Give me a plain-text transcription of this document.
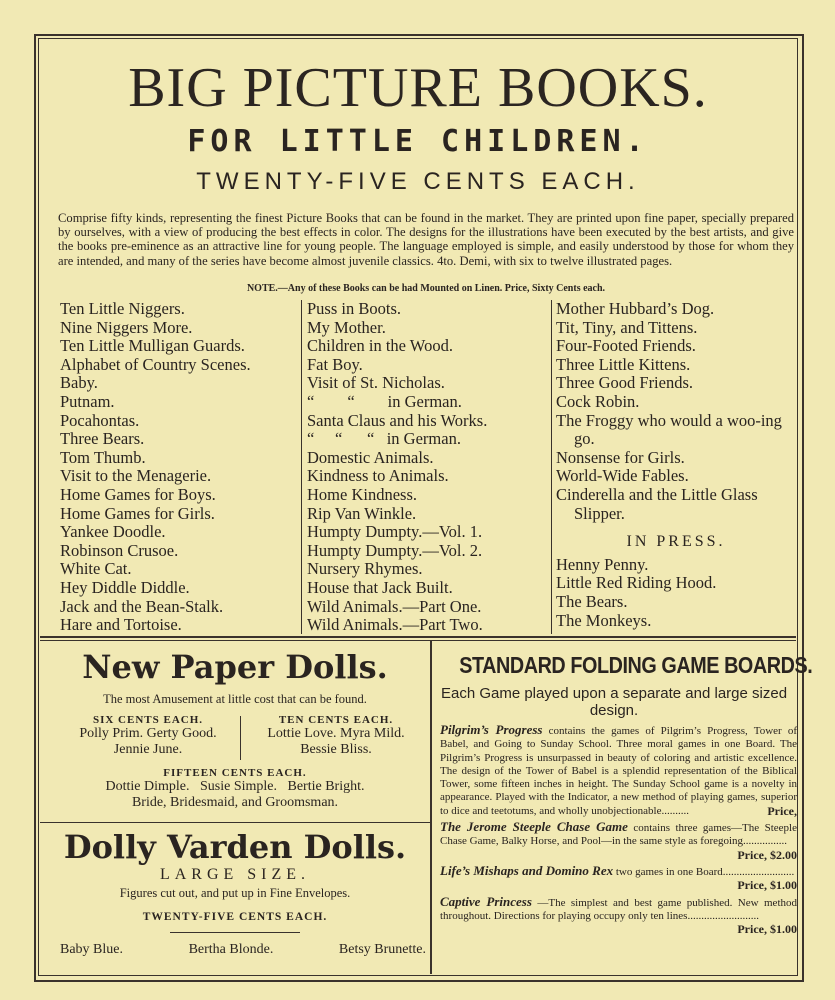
BIG PICTURE BOOKS.
FOR LITTLE CHILDREN.
TWENTY-FIVE CENTS EACH.
Comprise fifty kinds, representing the finest Picture Books that can be found in the market. They are printed upon fine paper, specially prepared by ourselves, with a view of producing the best effects in color. The designs for the illustrations have been executed by the best artists, and give the books pre-eminence as an attractive line for young people. The language employed is simple, and easily understood by those for whom they are intended, and many of the series have become almost juvenile classics. 4to. Demi, with six to twelve illustrated pages.
NOTE.—Any of these Books can be had Mounted on Linen. Price, Sixty Cents each.
Ten Little Niggers.
Nine Niggers More.
Ten Little Mulligan Guards.
Alphabet of Country Scenes.
Baby.
Putnam.
Pocahontas.
Three Bears.
Tom Thumb.
Visit to the Menagerie.
Home Games for Boys.
Home Games for Girls.
Yankee Doodle.
Robinson Crusoe.
White Cat.
Hey Diddle Diddle.
Jack and the Bean-Stalk.
Hare and Tortoise.
Puss in Boots.
My Mother.
Children in the Wood.
Fat Boy.
Visit of St. Nicholas.
“        “        in German.
Santa Claus and his Works.
“     “      “   in German.
Domestic Animals.
Kindness to Animals.
Home Kindness.
Rip Van Winkle.
Humpty Dumpty.—Vol. 1.
Humpty Dumpty.—Vol. 2.
Nursery Rhymes.
House that Jack Built.
Wild Animals.—Part One.
Wild Animals.—Part Two.
Mother Hubbard’s Dog.
Tit, Tiny, and Tittens.
Four-Footed Friends.
Three Little Kittens.
Three Good Friends.
Cock Robin.
The Froggy who would a woo-ing go.
Nonsense for Girls.
World-Wide Fables.
Cinderella and the Little Glass Slipper.
IN PRESS.
Henny Penny.
Little Red Riding Hood.
The Bears.
The Monkeys.
New Paper Dolls.
The most Amusement at little cost that can be found.
SIX CENTS EACH.
Polly Prim. Gerty Good.
Jennie June.
TEN CENTS EACH.
Lottie Love. Myra Mild.
Bessie Bliss.
FIFTEEN CENTS EACH.
Dottie Dimple.   Susie Simple.   Bertie Bright.
Bride, Bridesmaid, and Groomsman.
Dolly Varden Dolls.
LARGE SIZE.
Figures cut out, and put up in Fine Envelopes.
TWENTY-FIVE CENTS EACH.
Baby Blue.	Bertha Blonde.	Betsy Brunette.
STANDARD FOLDING GAME BOARDS.
Each Game played upon a separate and large sized design.
Pilgrim’s Progress contains the games of Pilgrim’s Progress, Tower of Babel, and Going to Sunday School. Three moral games in one Board. The Pilgrim’s Progress is unsurpassed in beauty of coloring and artistic excellence. The design of the Tower of Babel is a splendid representation of the Biblical Tower, some fifteen inches in height. The Sunday School game is a novelty in appearance. Played with the Indicator, a new method of playing games, superior to dice and teetotums, and wholly unobjectionable..........	Price,
The Jerome Steeple Chase Game contains three games—The Steeple Chase Game, Balky Horse, and Pool—in the same style as foregoing................
Price, $2.00
Life’s Mishaps and Domino Rex two games in one Board..........................
Price, $1.00
Captive Princess —The simplest and best game published. New method throughout. Directions for playing occupy only ten lines..........................
Price, $1.00
